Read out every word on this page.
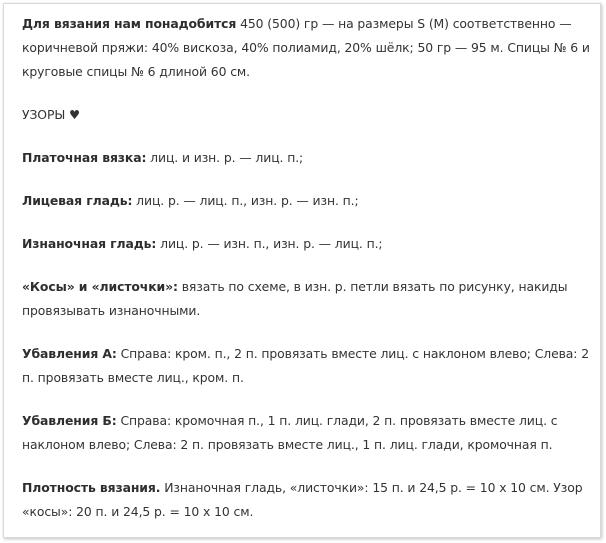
Для вязания нам понадобится 450 (500) гр — на размеры S (M) соответственно — коричневой пряжи: 40% вискоза, 40% полиамид, 20% шёлк; 50 гр — 95 м. Спицы № 6 и круговые спицы № 6 длиной 60 см.

УЗОРЫ ♥

Платочная вязка: лиц. и изн. р. — лиц. п.;

Лицевая гладь: лиц. р. — лиц. п., изн. р. — изн. п.;

Изнаночная гладь: лиц. р. — изн. п., изн. р. — лиц. п.;

«Косы» и «листочки»: вязать по схеме, в изн. р. петли вязать по рисунку, накиды провязывать изнаночными.

Убавления А: Справа: кром. п., 2 п. провязать вместе лиц. с наклоном влево; Слева: 2 п. провязать вместе лиц., кром. п.

Убавления Б: Справа: кромочная п., 1 п. лиц. глади, 2 п. провязать вместе лиц. с наклоном влево; Слева: 2 п. провязать вместе лиц., 1 п. лиц. глади, кромочная п.

Плотность вязания. Изнаночная гладь, «листочки»: 15 п. и 24,5 р. = 10 х 10 см. Узор «косы»: 20 п. и 24,5 р. = 10 х 10 см.
